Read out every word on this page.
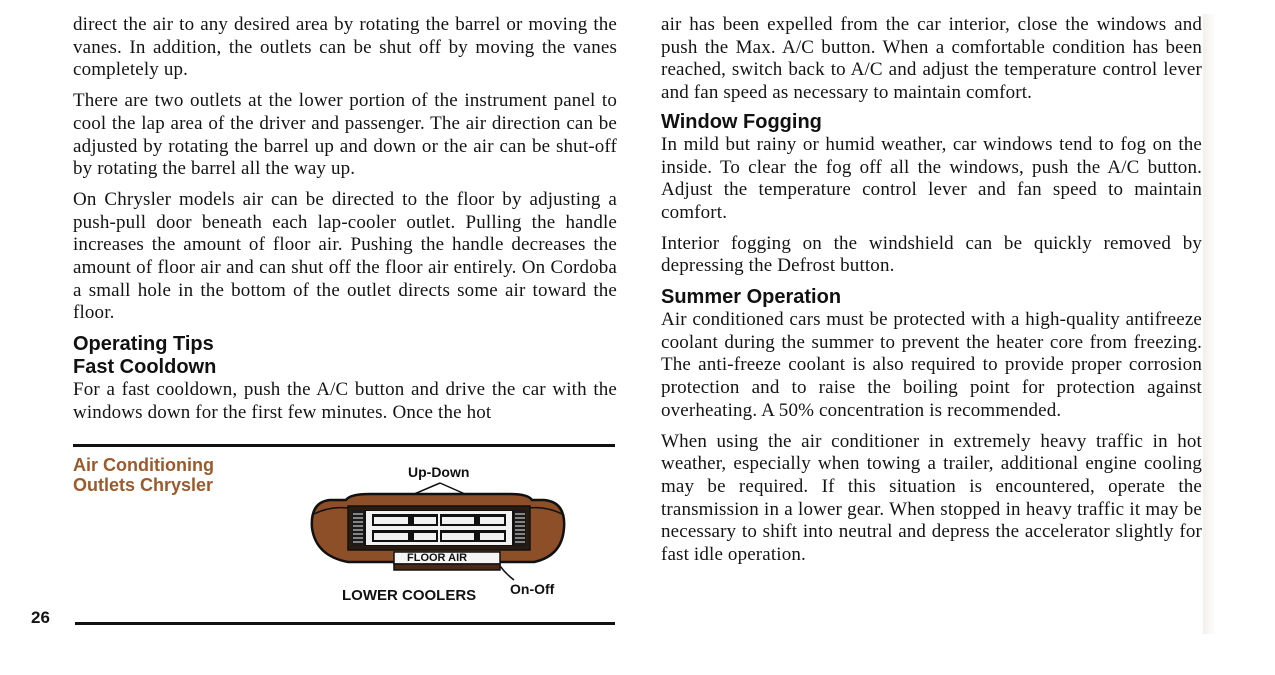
direct the air to any desired area by rotating the barrel or moving the vanes. In addition, the outlets can be shut off by moving the vanes completely up.

There are two outlets at the lower portion of the instrument panel to cool the lap area of the driver and passenger. The air direction can be adjusted by rotating the barrel up and down or the air can be shut-off by rotating the barrel all the way up.

On Chrysler models air can be directed to the floor by adjusting a push-pull door beneath each lap-cooler outlet. Pulling the handle increases the amount of floor air. Pushing the handle decreases the amount of floor air and can shut off the floor air entirely. On Cordoba a small hole in the bottom of the outlet directs some air toward the floor.

Operating Tips
Fast Cooldown

For a fast cooldown, push the A/C button and drive the car with the windows down for the first few minutes. Once the hot

Air Conditioning
Outlets Chrysler
Up-Down
FLOOR AIR
On-Off
LOWER COOLERS
26

air has been expelled from the car interior, close the windows and push the Max. A/C button. When a comfortable condition has been reached, switch back to A/C and adjust the temperature control lever and fan speed as necessary to maintain comfort.

Window Fogging

In mild but rainy or humid weather, car windows tend to fog on the inside. To clear the fog off all the windows, push the A/C button. Adjust the temperature control lever and fan speed to maintain comfort.

Interior fogging on the windshield can be quickly removed by depressing the Defrost button.

Summer Operation

Air conditioned cars must be protected with a high-quality antifreeze coolant during the summer to prevent the heater core from freezing. The anti-freeze coolant is also required to provide proper corrosion protection and to raise the boiling point for protection against overheating. A 50% concentration is recommended.

When using the air conditioner in extremely heavy traffic in hot weather, especially when towing a trailer, additional engine cooling may be required. If this situation is encountered, operate the transmission in a lower gear. When stopped in heavy traffic it may be necessary to shift into neutral and depress the accelerator slightly for fast idle operation.
